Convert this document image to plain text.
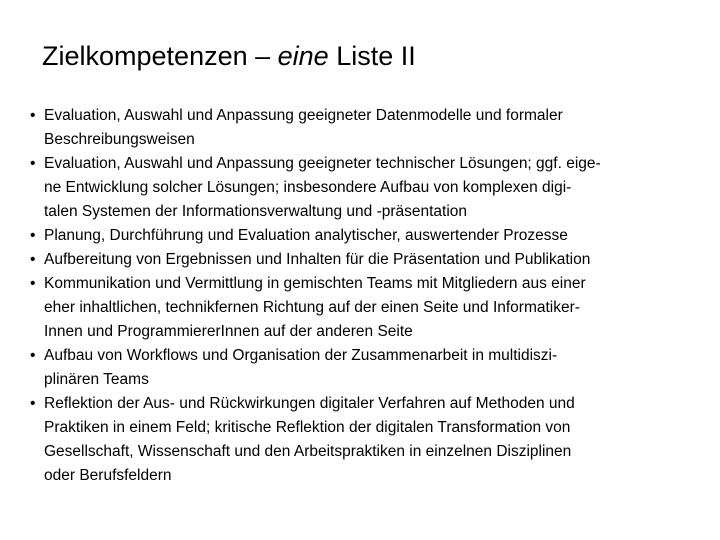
Zielkompetenzen – eine Liste II
• Evaluation, Auswahl und Anpassung geeigneter Datenmodelle und formaler
Beschreibungsweisen
• Evaluation, Auswahl und Anpassung geeigneter technischer Lösungen; ggf. eige-
ne Entwicklung solcher Lösungen; insbesondere Aufbau von komplexen digi-
talen Systemen der Informationsverwaltung und -präsentation
• Planung, Durchführung und Evaluation analytischer, auswertender Prozesse
• Aufbereitung von Ergebnissen und Inhalten für die Präsentation und Publikation
• Kommunikation und Vermittlung in gemischten Teams mit Mitgliedern aus einer
eher inhaltlichen, technikfernen Richtung auf der einen Seite und Informatiker-
Innen und ProgrammiererInnen auf der anderen Seite
• Aufbau von Workflows und Organisation der Zusammenarbeit in multidiszi-
plinären Teams
• Reflektion der Aus- und Rückwirkungen digitaler Verfahren auf Methoden und
Praktiken in einem Feld; kritische Reflektion der digitalen Transformation von
Gesellschaft, Wissenschaft und den Arbeitspraktiken in einzelnen Disziplinen
oder Berufsfeldern
